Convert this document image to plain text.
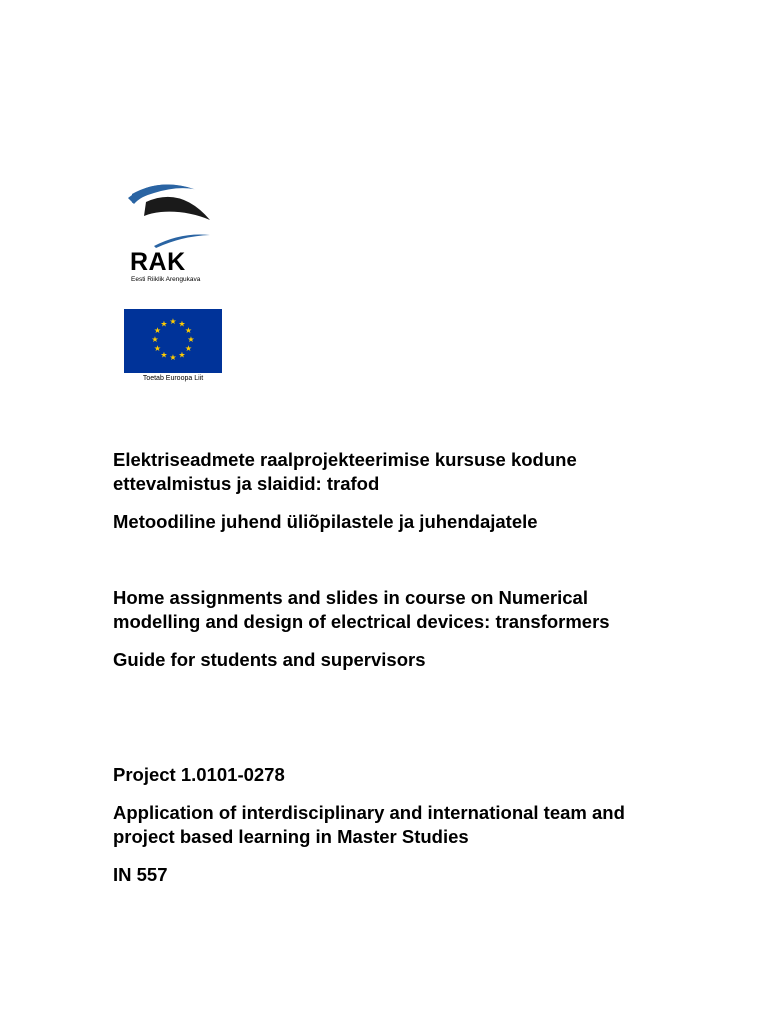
RAK
Eesti Riiklik Arengukava
★ ★
★
★
★
★
★
★
★
★
★
★
Toetab Euroopa Liit

Elektriseadmete raalprojekteerimise kursuse kodune ettevalmistus ja slaidid: trafod

Metoodiline juhend üliõpilastele ja juhendajatele

Home assignments and slides in course on Numerical modelling and design of electrical devices: transformers

Guide for students and supervisors

Project 1.0101-0278

Application of interdisciplinary and international team and project based learning in Master Studies

IN 557
